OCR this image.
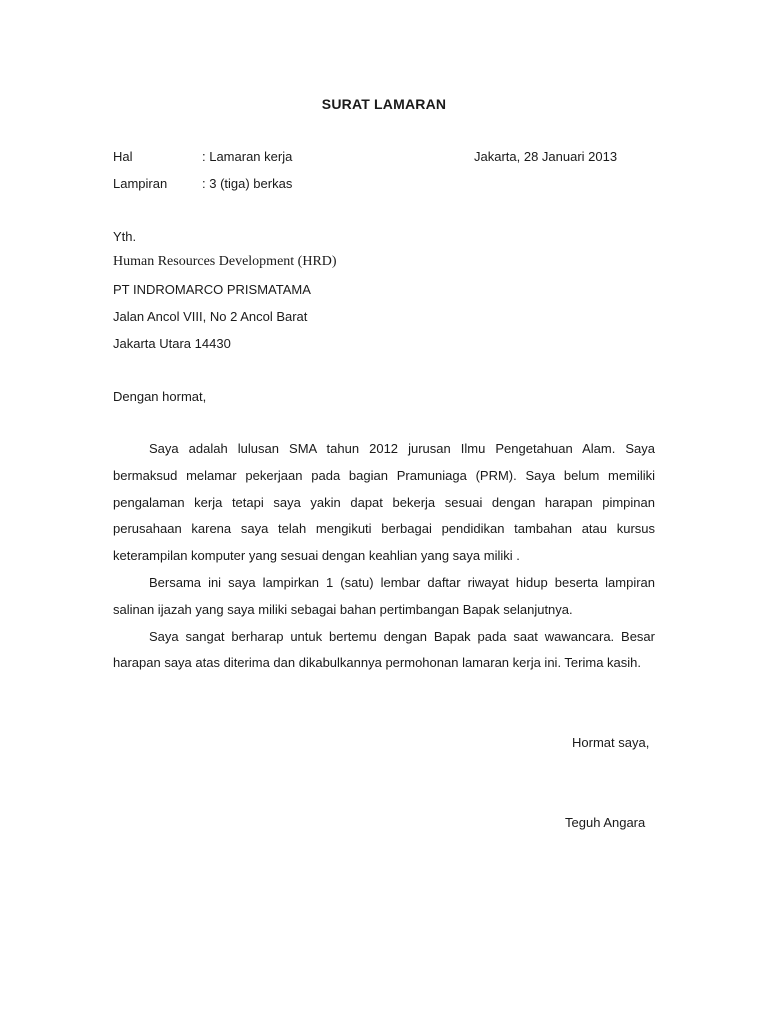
SURAT LAMARAN
Hal	: Lamaran kerja	Jakarta, 28 Januari 2013
Lampiran	: 3 (tiga) berkas
Yth.
Human Resources Development (HRD)
PT INDROMARCO PRISMATAMA
Jalan Ancol VIII, No 2 Ancol Barat
Jakarta Utara 14430
Dengan hormat,

Saya adalah lulusan SMA tahun 2012 jurusan Ilmu Pengetahuan Alam. Saya bermaksud melamar pekerjaan pada bagian Pramuniaga (PRM). Saya belum memiliki pengalaman kerja tetapi saya yakin dapat bekerja sesuai dengan harapan pimpinan perusahaan karena saya telah mengikuti berbagai pendidikan tambahan atau kursus keterampilan komputer yang sesuai dengan keahlian yang saya miliki .

Bersama ini saya lampirkan 1 (satu) lembar daftar riwayat hidup beserta lampiran salinan ijazah yang saya miliki sebagai bahan pertimbangan Bapak selanjutnya.

Saya sangat berharap untuk bertemu dengan Bapak pada saat wawancara. Besar harapan saya atas diterima dan dikabulkannya permohonan lamaran kerja ini. Terima kasih.

Hormat saya,
Teguh Angara
